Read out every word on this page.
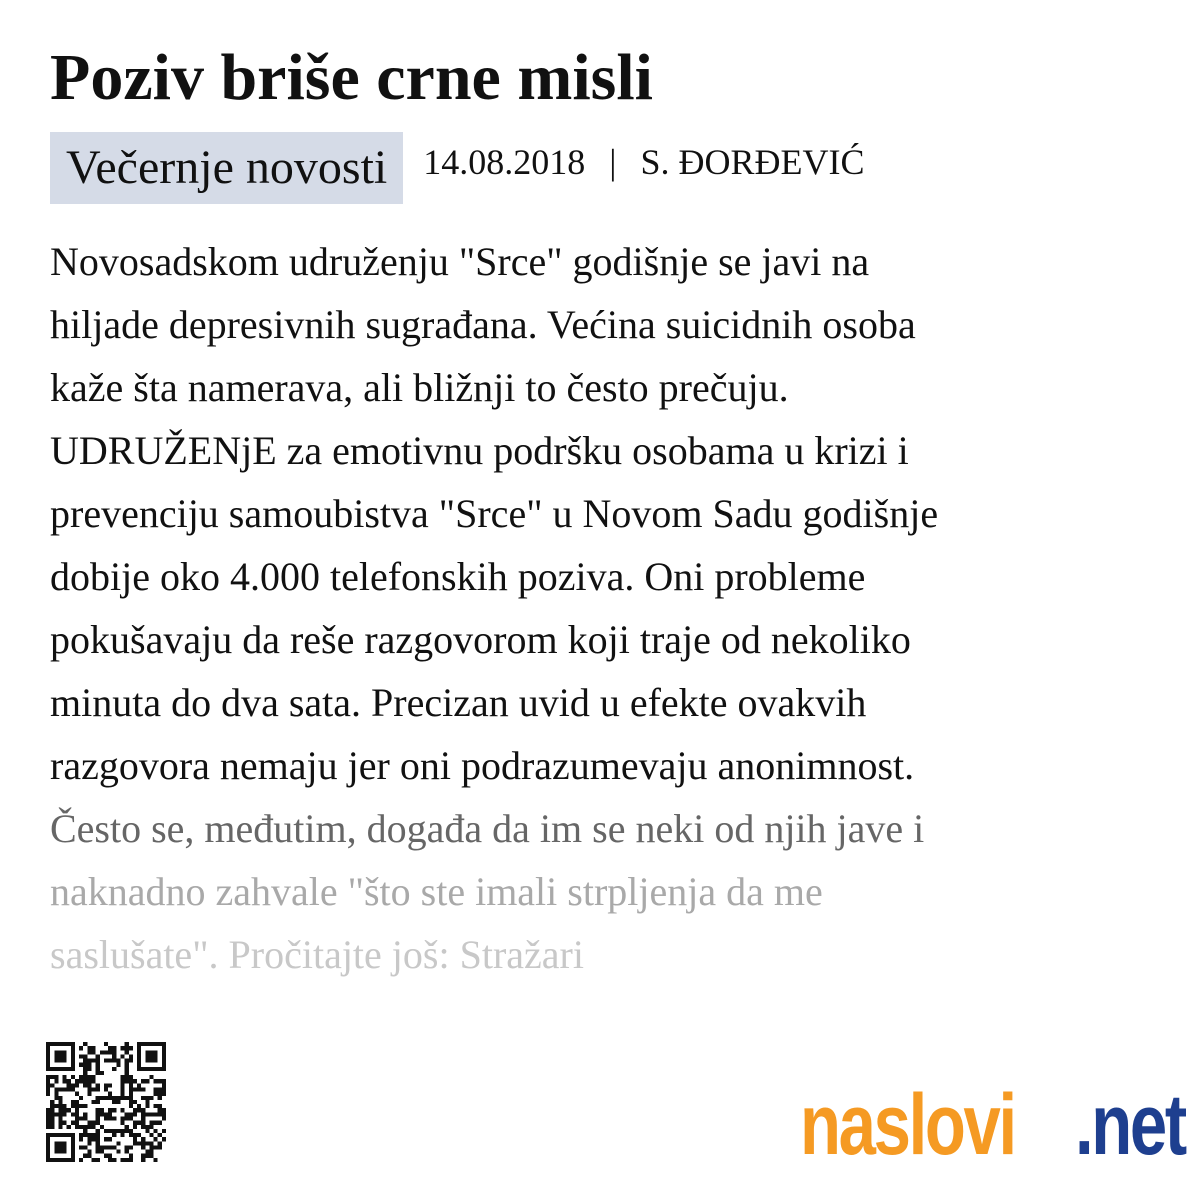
Poziv briše crne misli
Večernje novosti	14.08.2018 | S. ĐORĐEVIĆ
Novosadskom udruženju "Srce" godišnje se javi na
hiljade depresivnih sugrađana. Većina suicidnih osoba
kaže šta namerava, ali bližnji to često prečuju.
UDRUŽENjE za emotivnu podršku osobama u krizi i
prevenciju samoubistva "Srce" u Novom Sadu godišnje
dobije oko 4.000 telefonskih poziva. Oni probleme
pokušavaju da reše razgovorom koji traje od nekoliko
minuta do dva sata. Precizan uvid u efekte ovakvih
razgovora nemaju jer oni podrazumevaju anonimnost.
Često se, međutim, događa da im se neki od njih jave i
naknadno zahvale "što ste imali strpljenja da me
saslušate". Pročitajte još: Stražari
naslovi .net
